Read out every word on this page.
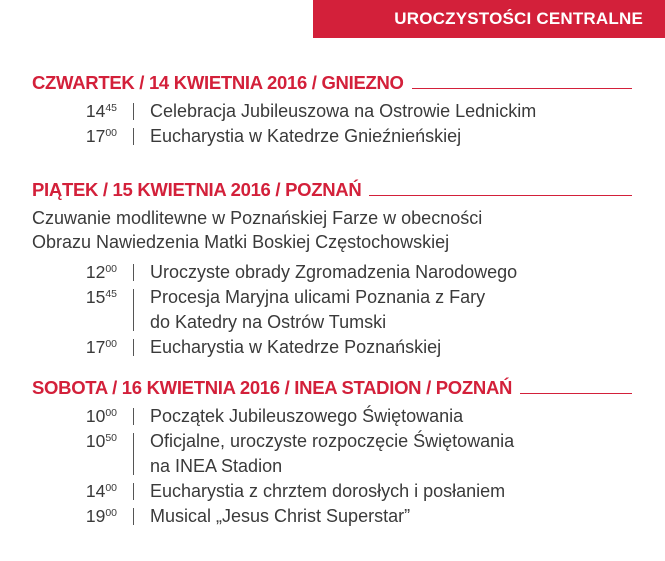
UROCZYSTOŚCI CENTRALNE
CZWARTEK / 14 KWIETNIA 2016 / GNIEZNO
$14^{45}$ Celebracja Jubileuszowa na Ostrowie Lednickim
$17^{00}$ Eucharystia w Katedrze Gnieźnieńskiej
PIĄTEK / 15 KWIETNIA 2016 / POZNAŃ
Czuwanie modlitewne w Poznańskiej Farze w obecności
Obrazu Nawiedzenia Matki Boskiej Częstochowskiej
$12^{00}$ Uroczyste obrady Zgromadzenia Narodowego
$15^{45}$ Procesja Maryjna ulicami Poznania z Fary
do Katedry na Ostrów Tumski
$17^{00}$ Eucharystia w Katedrze Poznańskiej
SOBOTA / 16 KWIETNIA 2016 / INEA STADION / POZNAŃ
$10^{00}$ Początek Jubileuszowego Świętowania
$10^{50}$ Oficjalne, uroczyste rozpoczęcie Świętowania
na INEA Stadion
$14^{00}$ Eucharystia z chrztem dorosłych i posłaniem
$19^{00}$ Musical „Jesus Christ Superstar”
